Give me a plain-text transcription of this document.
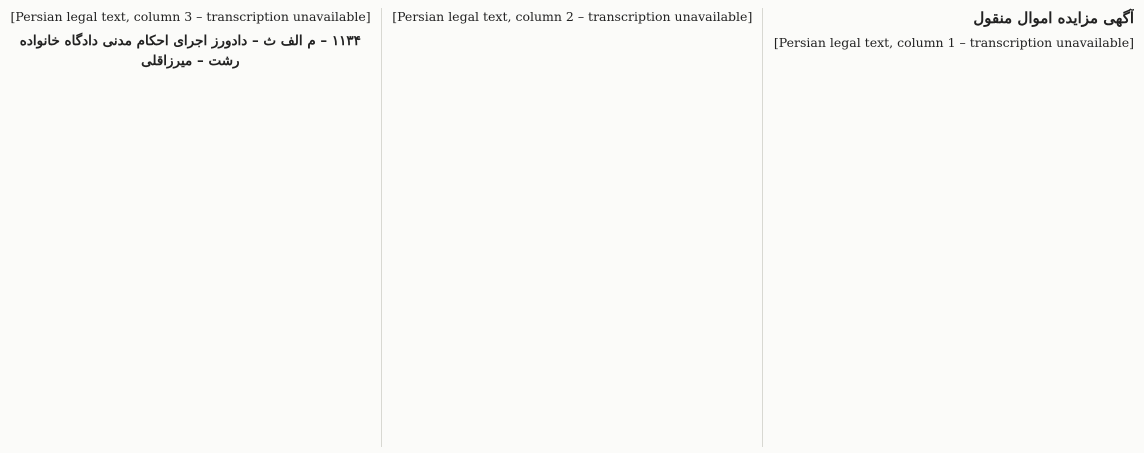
آگهی مزایده اموال منقول

[Persian legal text, column 1 – transcription unavailable]

[Persian legal text, column 2 – transcription unavailable]

[Persian legal text, column 3 – transcription unavailable]

۱۱۳۴ – م الف ث – دادورز اجرای احکام مدنی دادگاه خانواده رشت – میرزاقلی
